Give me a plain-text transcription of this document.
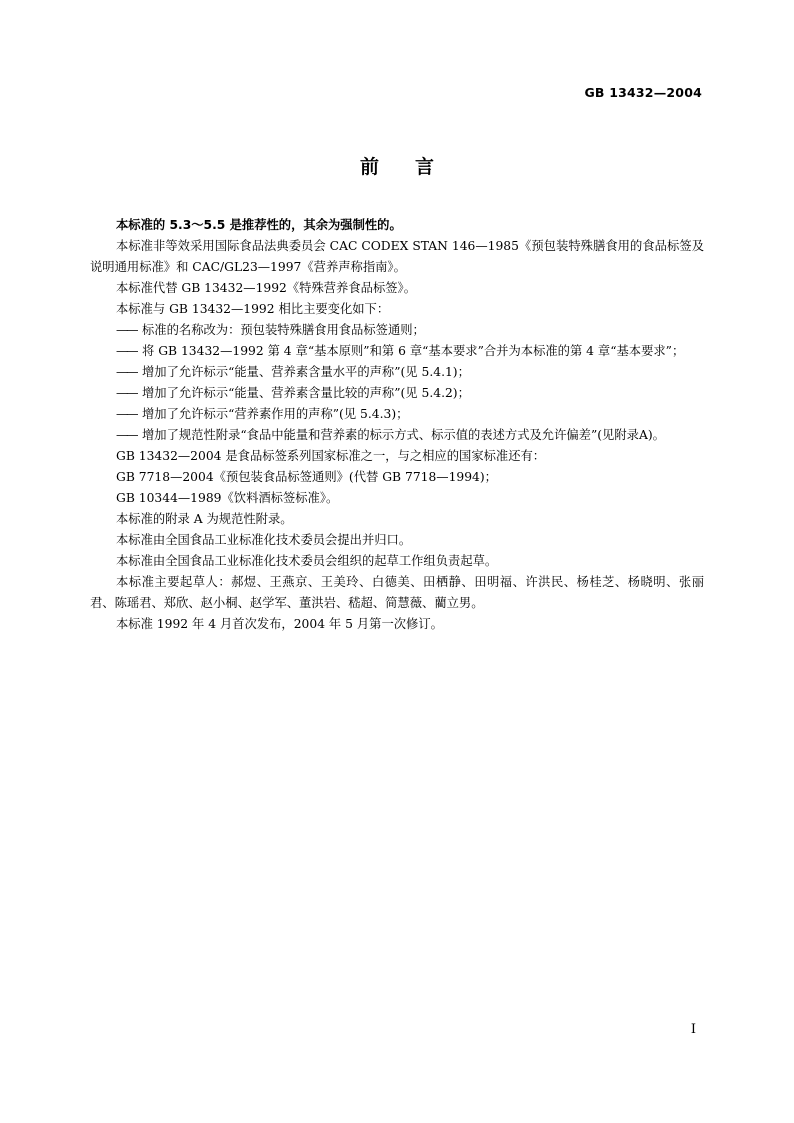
GB 13432—2004
前言

本标准的 5.3～5.5 是推荐性的，其余为强制性的。

本标准非等效采用国际食品法典委员会 CAC CODEX STAN 146—1985《预包装特殊膳食用的食品标签及说明通用标准》和 CAC/GL23—1997《营养声称指南》。

本标准代替 GB 13432—1992《特殊营养食品标签》。

本标准与 GB 13432—1992 相比主要变化如下：

—— 标准的名称改为：预包装特殊膳食用食品标签通则；

—— 将 GB 13432—1992 第 4 章“基本原则”和第 6 章“基本要求”合并为本标准的第 4 章“基本要求”；

—— 增加了允许标示“能量、营养素含量水平的声称”(见 5.4.1)；

—— 增加了允许标示“能量、营养素含量比较的声称”(见 5.4.2)；

—— 增加了允许标示“营养素作用的声称”(见 5.4.3)；

—— 增加了规范性附录“食品中能量和营养素的标示方式、标示值的表述方式及允许偏差”(见附录A)。

GB 13432—2004 是食品标签系列国家标准之一，与之相应的国家标准还有：

GB 7718—2004《预包装食品标签通则》(代替 GB 7718—1994)；

GB 10344—1989《饮料酒标签标准》。

本标准的附录 A 为规范性附录。

本标准由全国食品工业标准化技术委员会提出并归口。

本标准由全国食品工业标准化技术委员会组织的起草工作组负责起草。

本标准主要起草人：郝煜、王燕京、王美玲、白德美、田栖静、田明福、许洪民、杨桂芝、杨晓明、张丽君、陈瑶君、郑欣、赵小桐、赵学军、董洪岩、嵇超、简慧薇、藺立男。

本标准 1992 年 4 月首次发布，2004 年 5 月第一次修订。

I
